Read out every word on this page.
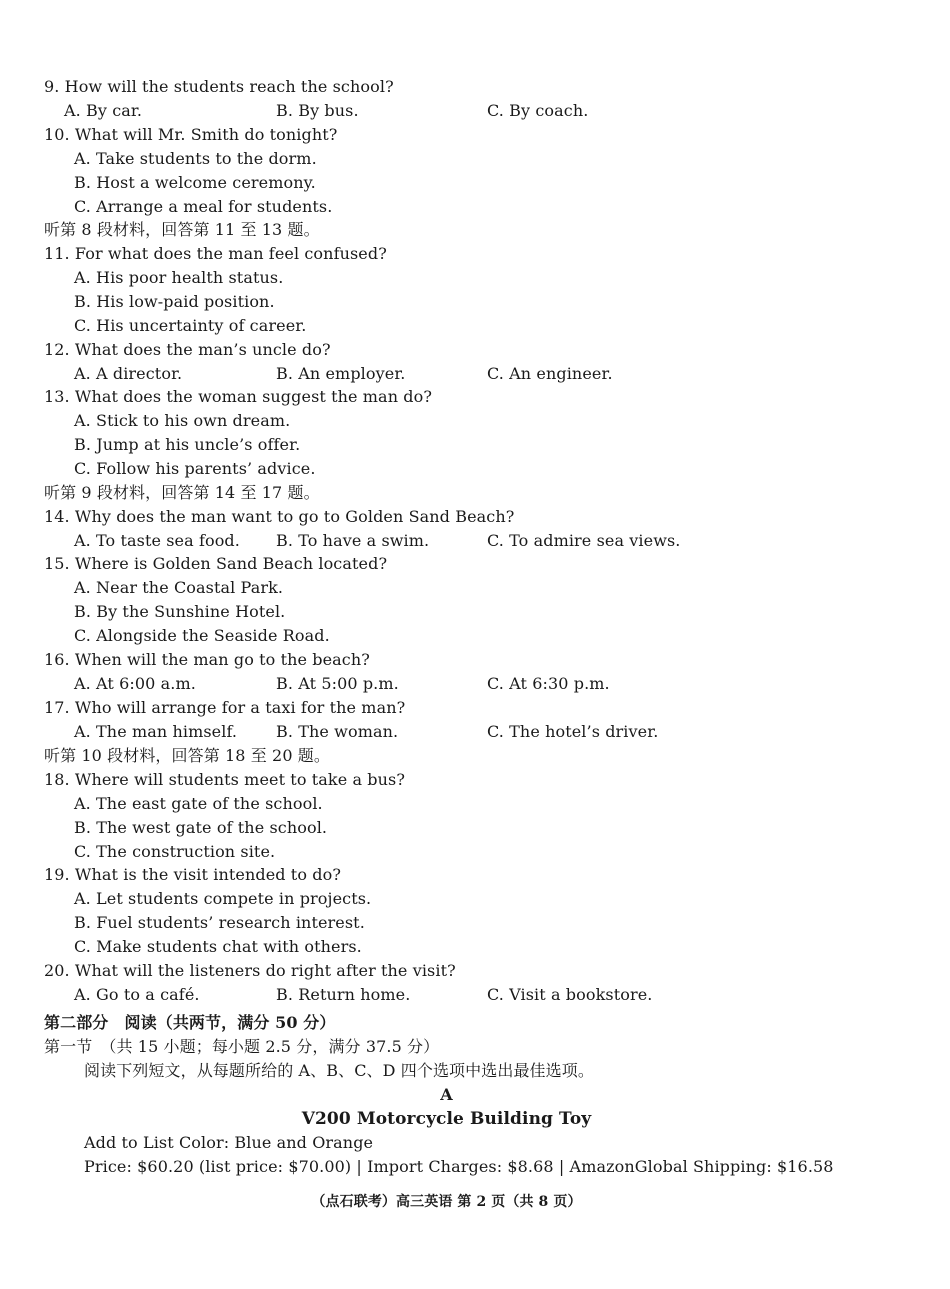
9. How will the students reach the school?
A. By car.	B. By bus.	C. By coach.
10. What will Mr. Smith do tonight?
A. Take students to the dorm.
B. Host a welcome ceremony.
C. Arrange a meal for students.
听第 8 段材料，回答第 11 至 13 题。
11. For what does the man feel confused?
A. His poor health status.
B. His low-paid position.
C. His uncertainty of career.
12. What does the man’s uncle do?
A. A director.	B. An employer.	C. An engineer.
13. What does the woman suggest the man do?
A. Stick to his own dream.
B. Jump at his uncle’s offer.
C. Follow his parents’ advice.
听第 9 段材料，回答第 14 至 17 题。
14. Why does the man want to go to Golden Sand Beach?
A. To taste sea food. B. To have a swim.	C. To admire sea views.
15. Where is Golden Sand Beach located?
A. Near the Coastal Park.
B. By the Sunshine Hotel.
C. Alongside the Seaside Road.
16. When will the man go to the beach?
A. At 6:00 a.m.	B. At 5:00 p.m.	C. At 6:30 p.m.
17. Who will arrange for a taxi for the man?
A. The man himself. B. The woman.	C. The hotel’s driver.
听第 10 段材料，回答第 18 至 20 题。
18. Where will students meet to take a bus?
A. The east gate of the school.
B. The west gate of the school.
C. The construction site.
19. What is the visit intended to do?
A. Let students compete in projects.
B. Fuel students’ research interest.
C. Make students chat with others.
20. What will the listeners do right after the visit?
A. Go to a café.	B. Return home.	C. Visit a bookstore.
第二部分　 阅读（共两节，满分 50 分）
第一节　（共 15 小题；每小题 2.5 分，满分 37.5 分）
阅读下列短文，从每题所给的 A、B、C、D 四个选项中选出最佳选项。
A
V200 Motorcycle Building Toy
Add to List Color: Blue and Orange
Price: $60.20 (list price: $70.00) | Import Charges: $8.68 | AmazonGlobal Shipping: $16.58
（点石联考）高三英语 第 2 页（共 8 页）
